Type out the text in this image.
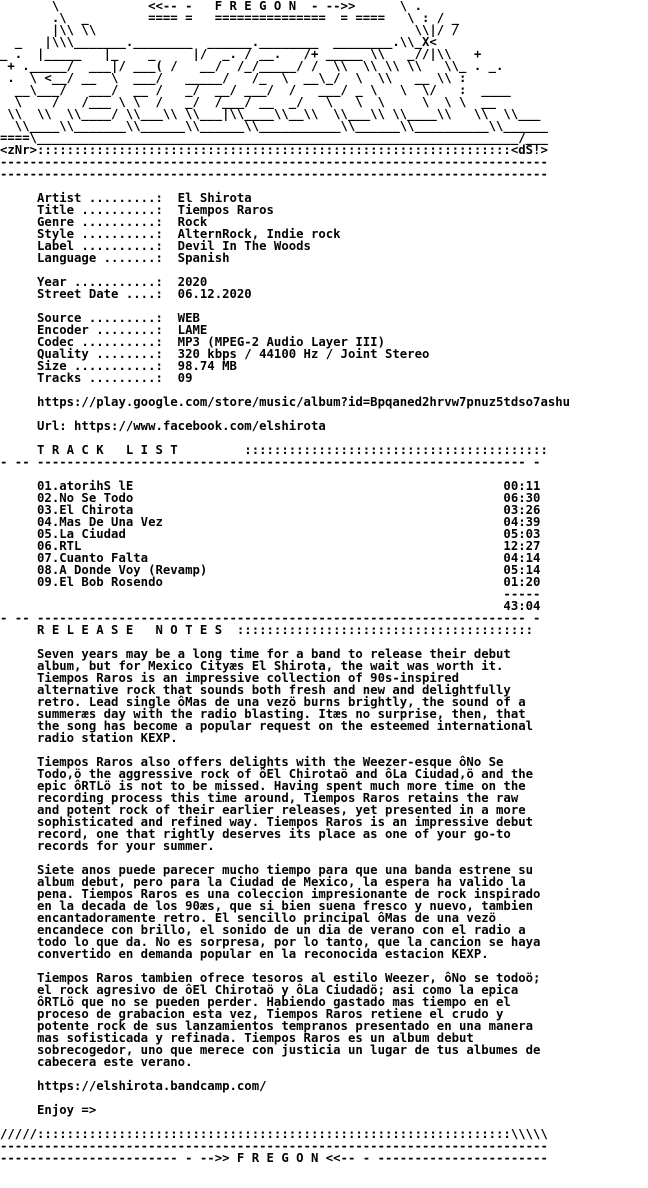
\            <<-- -   F R E G O N  - -->>      \ .
.\  _        ==== =   ===============  = ====   \ : / _
|\\ \\                                           \\|/ /
_   |\\\_______.________  ______.________  ________.\\_X<
_ .  |_____   |_    _     |/  _. / __.   /+ _____ \\   _//|\\   +
+ ._____/  ___|/ ___( /   __/  /_/_____/ /  \\  \\ \\ \\   \\_ . _.
.  \ <__/ __  \  ___/   _____/   /_  \  __\_/  \  \\   __ \\ :
__\___/   ___/  __ /   _/  __/ ___/  /   ___/ _ \   \  \/   :  ____
\    /   /___ \ \  /   _/  /___/ __  _/   \   \  \     \  \ \  __
\\  \\  \\____/ \\___\\ \\___|\\____\\__\\  \\___\\ \\____\\   \\  \\___
\\____\\_______\\______\\______\\___________\\______\\__________\\______
====\_________________________________________________________________/___
<zNr>::::::::::::::::::::::::::::::::::::::::::::::::::::::::::::::::<dS!>
--------------------------------------------------------------------------
--------------------------------------------------------------------------

Artist .........:  El Shirota
Title ..........:  Tiempos Raros
Genre ..........:  Rock
Style ..........:  AlternRock, Indie rock
Label ..........:  Devil In The Woods
Language .......:  Spanish

Year ...........:  2020
Street Date ....:  06.12.2020

Source .........:  WEB
Encoder ........:  LAME
Codec ..........:  MP3 (MPEG-2 Audio Layer III)
Quality ........:  320 kbps / 44100 Hz / Joint Stereo
Size ...........:  98.74 MB
Tracks .........:  09

https://play.google.com/store/music/album?id=Bpqaned2hrvw7pnuz5tdso7ashu

Url: https://www.facebook.com/elshirota

T R A C K   L I S T         :::::::::::::::::::::::::::::::::::::::::
- -- ------------------------------------------------------------------ -

01.atorihS lE                                                  00:11
02.No Se Todo                                                  06:30
03.El Chirota                                                  03:26
04.Mas De Una Vez                                              04:39
05.La Ciudad                                                   05:03
06.RTL                                                         12:27
07.Cuanto Falta                                                04:14
08.A Donde Voy (Revamp)                                        05:14
09.El Bob Rosendo                                              01:20
-----
43:04
- -- ------------------------------------------------------------------ -
R E L E A S E   N O T E S  ::::::::::::::::::::::::::::::::::::::::

Seven years may be a long time for a band to release their debut
album, but for Mexico Cityæs El Shirota, the wait was worth it.
Tiempos Raros is an impressive collection of 90s-inspired
alternative rock that sounds both fresh and new and delightfully
retro. Lead single ôMas de una vezö burns brightly, the sound of a
summeræs day with the radio blasting. Itæs no surprise, then, that
the song has become a popular request on the esteemed international
radio station KEXP.

Tiempos Raros also offers delights with the Weezer-esque ôNo Se
Todo,ö the aggressive rock of ôEl Chirotaö and ôLa Ciudad,ö and the
epic ôRTLö is not to be missed. Having spent much more time on the
recording process this time around, Tiempos Raros retains the raw
and potent rock of their earlier releases, yet presented in a more
sophisticated and refined way. Tiempos Raros is an impressive debut
record, one that rightly deserves its place as one of your go-to
records for your summer.

Siete anos puede parecer mucho tiempo para que una banda estrene su
album debut, pero para la Ciudad de Mexico, la espera ha valido la
pena. Tiempos Raros es una coleccion impresionante de rock inspirado
en la decada de los 90æs, que si bien suena fresco y nuevo, tambien
encantadoramente retro. El sencillo principal ôMas de una vezö
encandece con brillo, el sonido de un dia de verano con el radio a
todo lo que da. No es sorpresa, por lo tanto, que la cancion se haya
convertido en demanda popular en la reconocida estacion KEXP.

Tiempos Raros tambien ofrece tesoros al estilo Weezer, ôNo se todoö;
el rock agresivo de ôEl Chirotaö y ôLa Ciudadö; asi como la epica
ôRTLö que no se pueden perder. Habiendo gastado mas tiempo en el
proceso de grabacion esta vez, Tiempos Raros retiene el crudo y
potente rock de sus lanzamientos tempranos presentado en una manera
mas sofisticada y refinada. Tiempos Raros es un album debut
sobrecogedor, uno que merece con justicia un lugar de tus albumes de
cabecera este verano.

https://elshirota.bandcamp.com/

Enjoy =>

/////::::::::::::::::::::::::::::::::::::::::::::::::::::::::::::::::\\\\\
--------------------------------------------------------------------------
------------------------ - -->> F R E G O N <<-- - -----------------------
